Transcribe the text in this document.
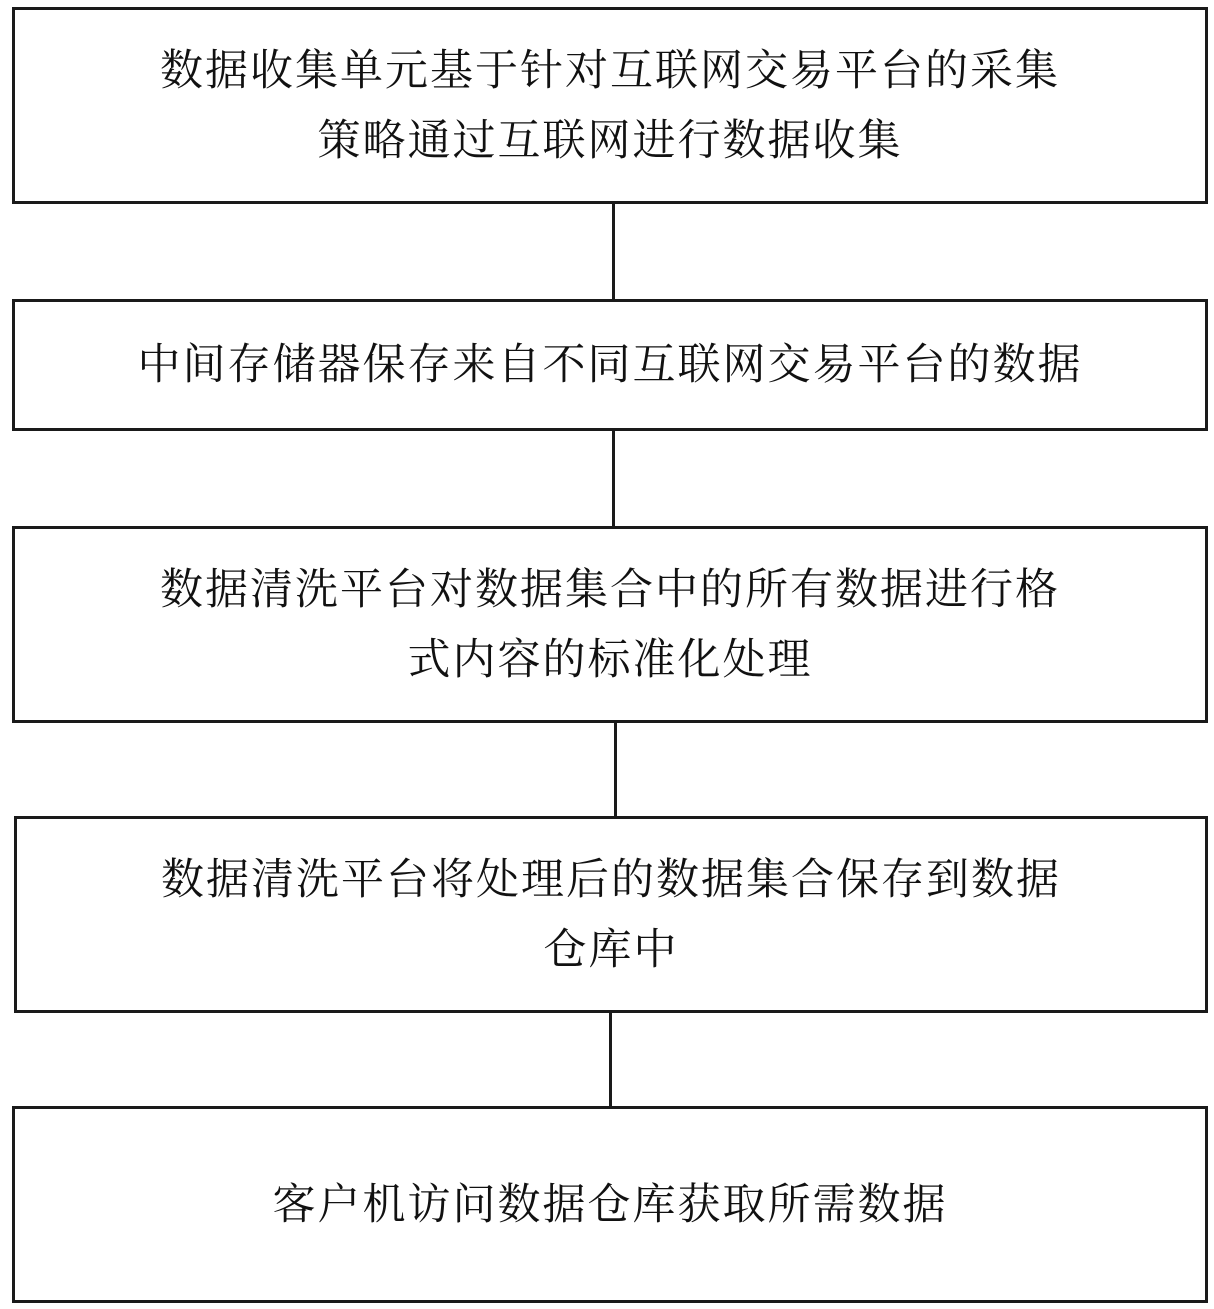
数据收集单元基于针对互联网交易平台的采集
策略通过互联网进行数据收集
中间存储器保存来自不同互联网交易平台的数据
数据清洗平台对数据集合中的所有数据进行格
式内容的标准化处理
数据清洗平台将处理后的数据集合保存到数据
仓库中
客户机访问数据仓库获取所需数据
